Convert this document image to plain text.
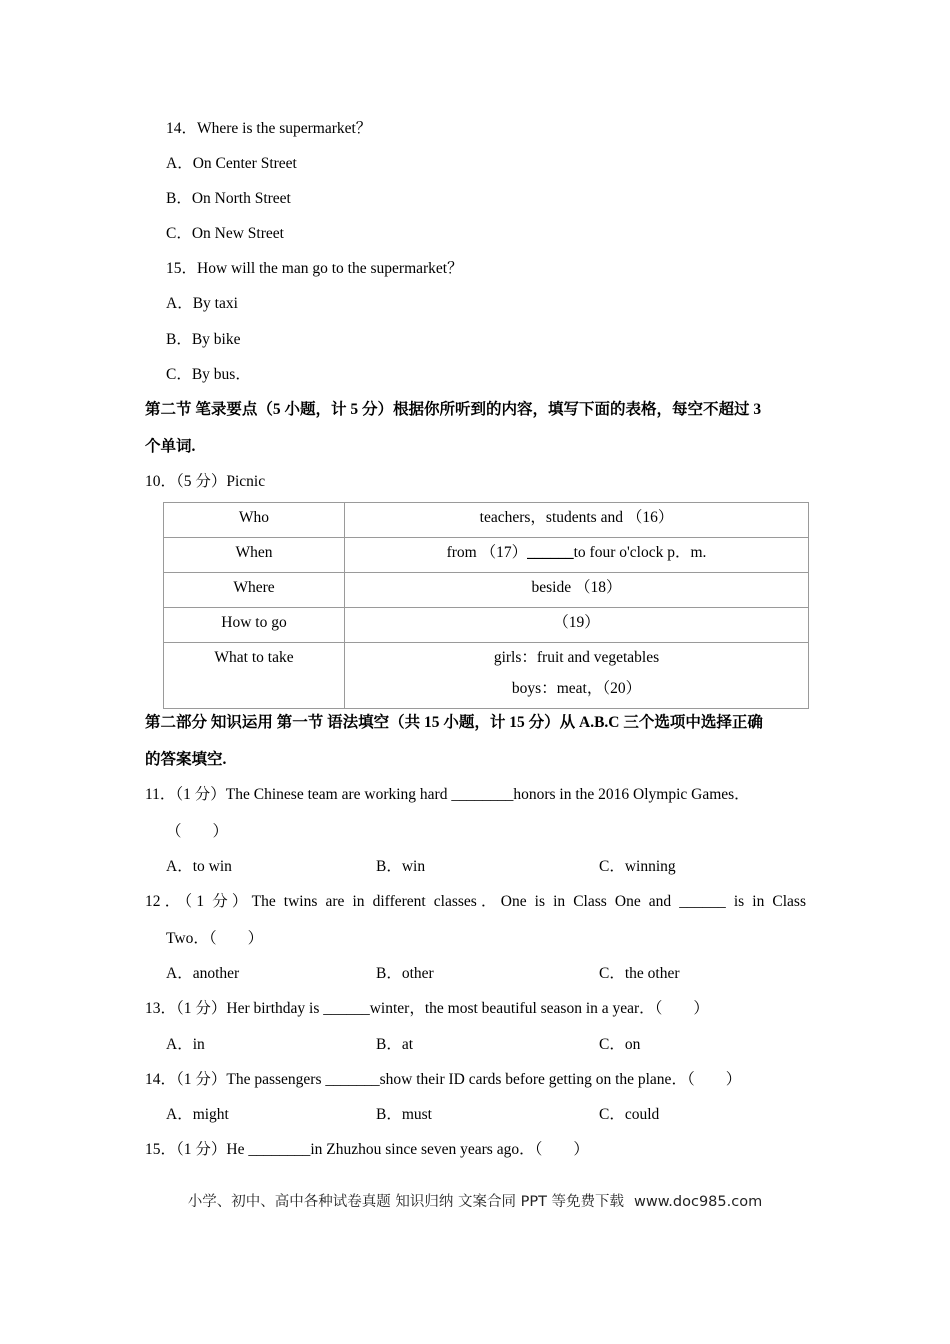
14．Where is the supermarket？
A．On Center Street
B．On North Street
C．On New Street
15．How will the man go to the supermarket？
A．By taxi
B．By bike
C．By bus．
第二节 笔录要点（5 小题，计 5 分）根据你所听到的内容，填写下面的表格，每空不超过 3
个单词.
10．（5 分）Picnic
Who	teachers，students and （16）

When	from （17）______to four o'clock p．m.

Where	beside （18）

How to go	（19）

What to take	girls：fruit and vegetables
boys：meat，（20）
第二部分 知识运用 第一节 语法填空（共 15 小题，计 15 分）从 A.B.C 三个选项中选择正确
的答案填空.
11．（1 分）The Chinese team are working hard ________honors in the 2016 Olympic Games．
（　　）
A．to win	B．win	C．winning
12．（1 分）The twins are in different classes．One is in Class One and ______ is in Class
Two．（　　）
A．another	B．other	C．the other
13．（1 分）Her birthday is ______winter，the most beautiful season in a year．（　　）
A．in	B．at	C．on
14．（1 分）The passengers _______show their ID cards before getting on the plane．（　　）
A．might	B．must	C．could
15．（1 分）He ________in Zhuzhou since seven years ago．（　　）
小学、初中、高中各种试卷真题 知识归纳 文案合同 PPT 等免费下载 www.doc985.com
